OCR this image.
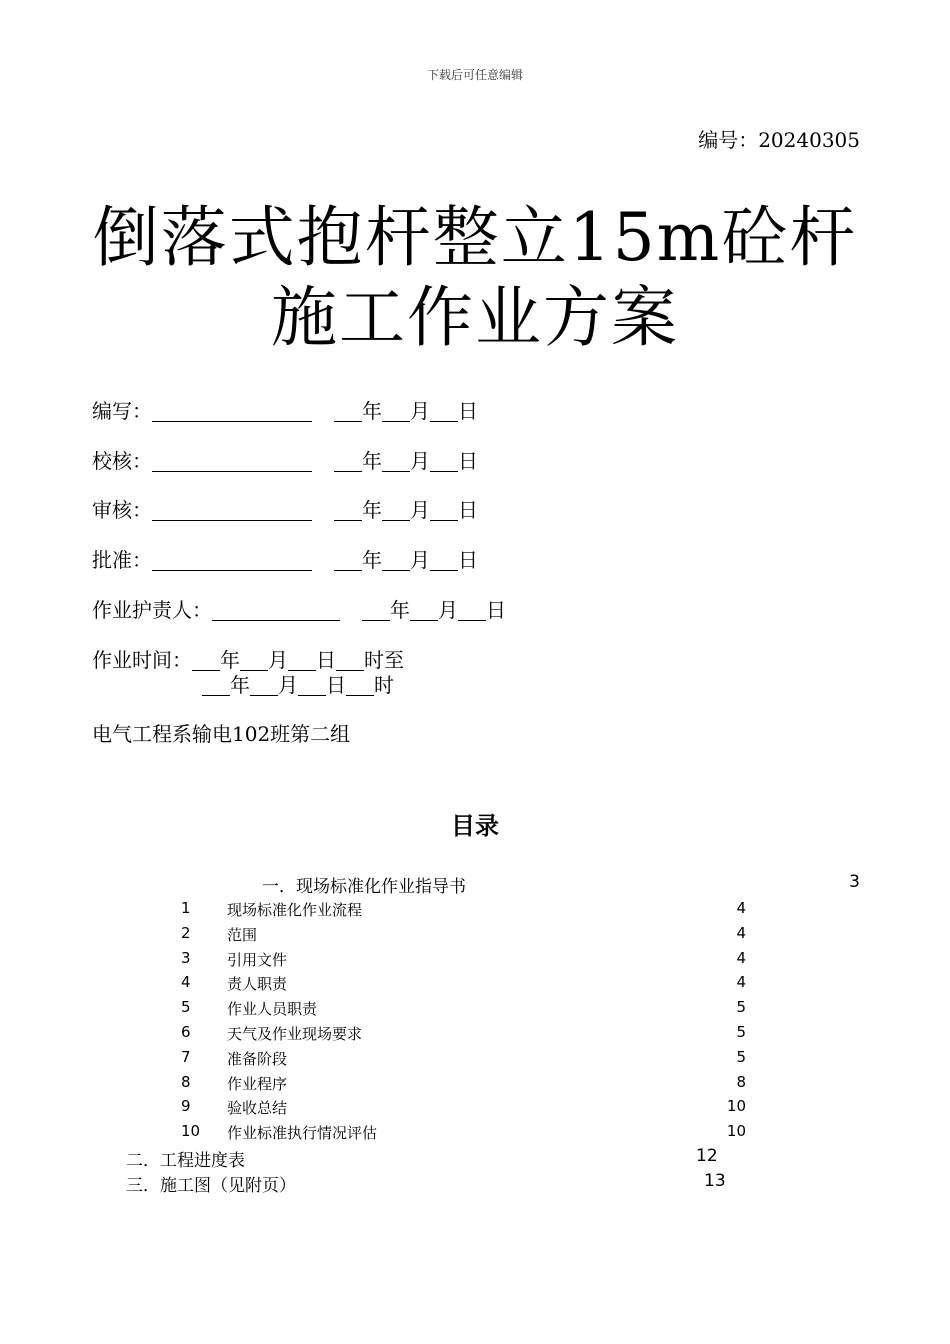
下载后可任意编辑
编号：20240305
倒落式抱杆整立15m砼杆
施工作业方案
编写：	年 月 日
校核：	年 月 日
审核：	年 月 日
批准：	年 月 日
作业护责人：	年 月 日
作业时间： 年 月 日 时至
年 月 日 时
电气工程系输电102班第二组
目录
一．现场标准化作业指导书	3
1 现场标准化作业流程	4
2 范围	4
3 引用文件	4
4 责人职责	4
5 作业人员职责	5
6 天气及作业现场要求	5
7 准备阶段	5
8 作业程序	8
9 验收总结	10
10 作业标准执行情况评估	10
二．工程进度表	12
三．施工图（见附页）	13
